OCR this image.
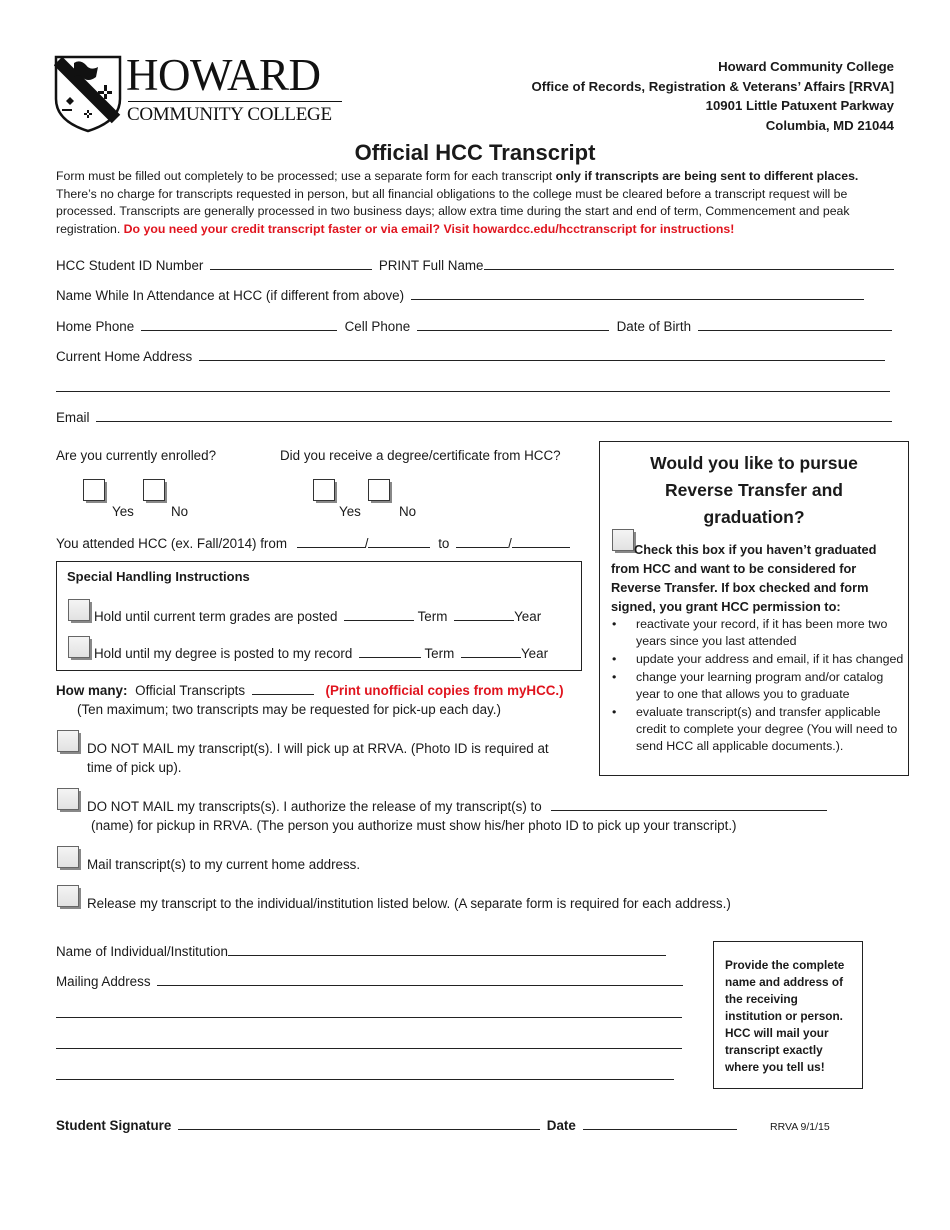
+ HOWARD
COMMUNITY COLLEGE
Howard Community College
Office of Records, Registration & Veterans’ Affairs [RRVA]
10901 Little Patuxent Parkway
Columbia, MD 21044
Official HCC Transcript
Form must be filled out completely to be processed; use a separate form for each transcript only if transcripts are being sent to different places.
There’s no charge for transcripts requested in person, but all financial obligations to the college must be cleared before a transcript request will be
processed. Transcripts are generally processed in two business days; allow extra time during the start and end of term, Commencement and peak
registration. Do you need your credit transcript faster or via email? Visit howardcc.edu/hcctranscript for instructions!
HCC Student ID Number	PRINT Full Name
Name While In Attendance at HCC (if different from above)
Home Phone	Cell Phone	Date of Birth
Current Home Address
Email
Are you currently enrolled?	Did you receive a degree/certificate from HCC?
Yes	No	Yes	No
You attended HCC (ex. Fall/2014) from	/	to	/
Special Handling Instructions
Hold until current term grades are posted	Term	Year
Hold until my degree is posted to my record	Term	Year
Would you like to pursue
Reverse Transfer and
graduation?
Check this box if you haven’t graduated
from HCC and want to be considered for
Reverse Transfer. If box checked and form
signed, you grant HCC permission to:
• reactivate your record, if it has been more two years since you last attended
• update your address and email, if it has changed
• change your learning program and/or catalog year to one that allows you to graduate
• evaluate transcript(s) and transfer applicable credit to complete your degree (You will need to send HCC all applicable documents.).
How many: Official Transcripts	(Print unofficial copies from myHCC.)
(Ten maximum; two transcripts may be requested for pick-up each day.)
DO NOT MAIL my transcript(s). I will pick up at RRVA. (Photo ID is required at
time of pick up).
DO NOT MAIL my transcripts(s). I authorize the release of my transcript(s) to
(name) for pickup in RRVA. (The person you authorize must show his/her photo ID to pick up your transcript.)
Mail transcript(s) to my current home address.
Release my transcript to the individual/institution listed below. (A separate form is required for each address.)
Name of Individual/Institution
Mailing Address
Provide the complete
name and address of
the receiving
institution or person.
HCC will mail your
transcript exactly
where you tell us!
Student Signature	Date	RRVA 9/1/15
